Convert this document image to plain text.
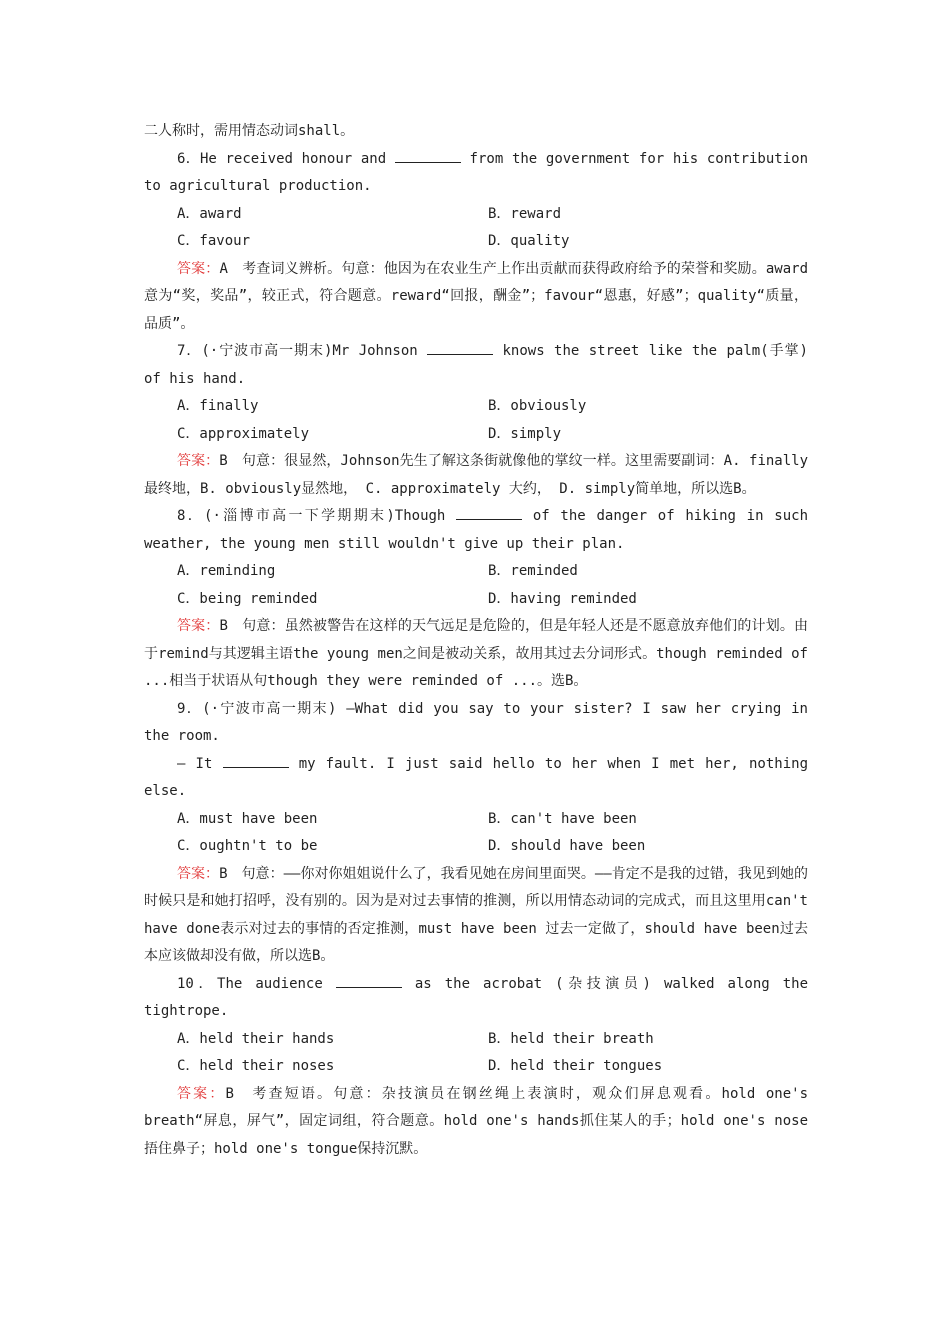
二人称时，需用情态动词shall。
6．He received honour and	from the government for his contribution to agricultural production.
A．award	B．reward
C．favour	D．quality
答案：A　考查词义辨析。句意：他因为在农业生产上作出贡献而获得政府给予的荣誉和奖励。award意为“奖，奖品”，较正式，符合题意。reward“回报，酬金”；favour“恩惠，好感”；quality“质量，品质”。
7．(·宁波市高一期末)Mr Johnson	knows the street like the palm(手掌) of his hand.
A．finally	B．obviously
C．approximately	D．simply
答案：B　句意：很显然，Johnson先生了解这条街就像他的掌纹一样。这里需要副词：A. finally最终地，B. obviously显然地， C. approximately 大约， D. simply简单地，所以选B。
8．(·淄博市高一下学期期末)Though	of the danger of hiking in such weather, the young men still wouldn't give up their plan.
A．reminding	B．reminded
C．being reminded	D．having reminded
答案：B　句意：虽然被警告在这样的天气远足是危险的，但是年轻人还是不愿意放弃他们的计划。由于remind与其逻辑主语the young men之间是被动关系，故用其过去分词形式。though reminded of ...相当于状语从句though they were reminded of ...。选B。
9．(·宁波市高一期末) —What did you say to your sister? I saw her crying in the room.
— It	my fault. I just said hello to her when I met her, nothing else.
A．must have been	B．can't have been
C．oughtn't to be	D．should have been
答案：B　句意：——你对你姐姐说什么了，我看见她在房间里面哭。——肯定不是我的过错，我见到她的时候只是和她打招呼，没有别的。因为是对过去事情的推测，所以用情态动词的完成式，而且这里用can't have done表示对过去的事情的否定推测，must have been 过去一定做了，should have been过去本应该做却没有做，所以选B。
10．The audience	as the acrobat (杂技演员) walked along the tightrope.
A．held their hands	B．held their breath
C．held their noses	D．held their tongues
答案：B　考查短语。句意：杂技演员在钢丝绳上表演时，观众们屏息观看。hold one's breath“屏息，屏气”，固定词组，符合题意。hold one's hands抓住某人的手；hold one's nose捂住鼻子；hold one's tongue保持沉默。
